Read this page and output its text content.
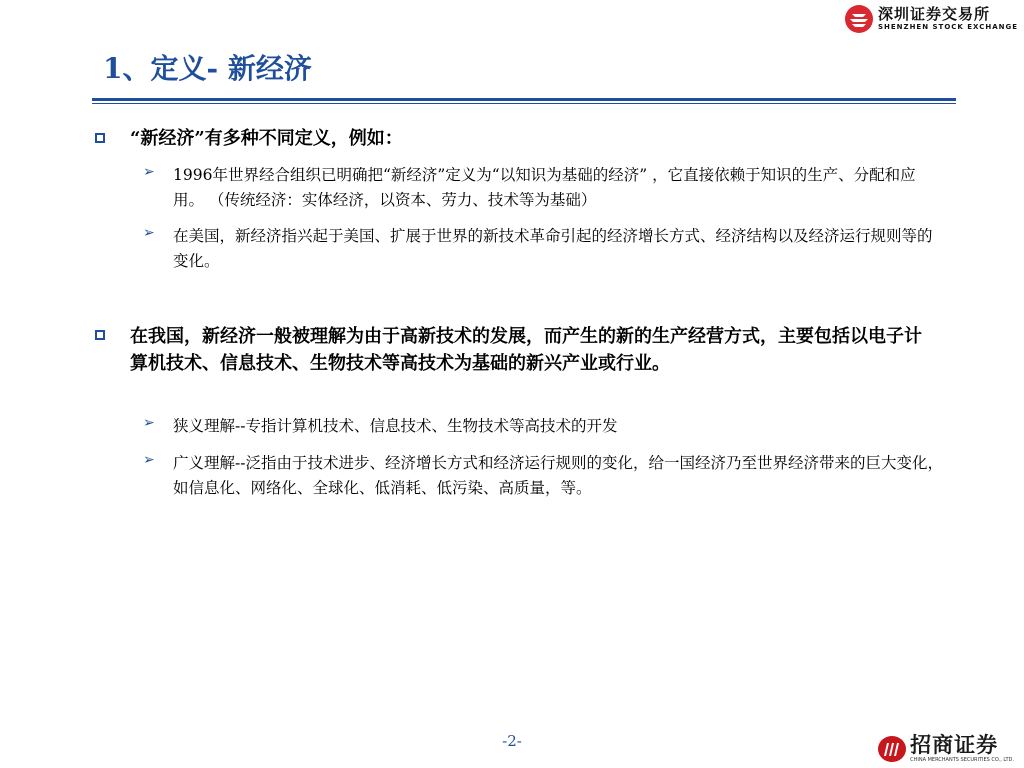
深圳证券交易所
SHENZHEN STOCK EXCHANGE
1、定义- 新经济
“新经济”有多种不同定义，例如：
➢ 1996年世界经合组织已明确把“新经济”定义为“以知识为基础的经济” ，它直接依赖于知识的生产、分配和应用。 （传统经济：实体经济，以资本、劳力、技术等为基础）
➢ 在美国，新经济指兴起于美国、扩展于世界的新技术革命引起的经济增长方式、经济结构以及经济运行规则等的变化。
在我国，新经济一般被理解为由于高新技术的发展，而产生的新的生产经营方式，主要包括以电子计算机技术、信息技术、生物技术等高技术为基础的新兴产业或行业。
➢ 狭义理解--专指计算机技术、信息技术、生物技术等高技术的开发
➢ 广义理解--泛指由于技术进步、经济增长方式和经济运行规则的变化，给一国经济乃至世界经济带来的巨大变化，如信息化、网络化、全球化、低消耗、低污染、高质量，等。
-2-	招商证券
CHINA MERCHANTS SECURITIES CO., LTD.
